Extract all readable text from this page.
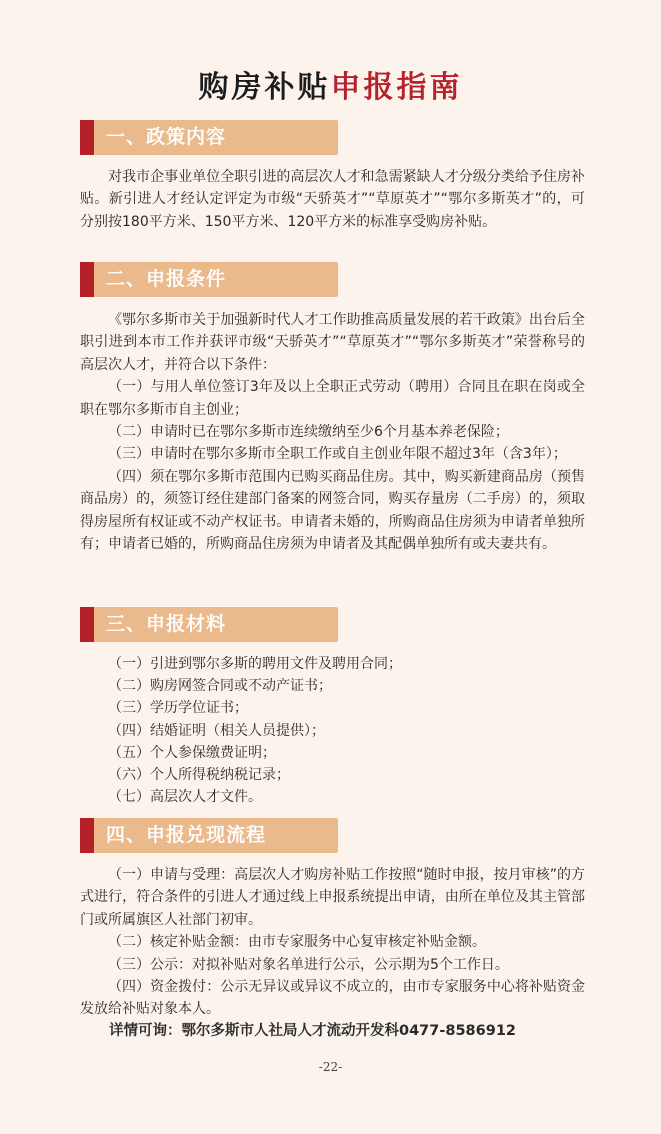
购房补贴申报指南
一、政策内容

对我市企事业单位全职引进的高层次人才和急需紧缺人才分级分类给予住房补贴。新引进人才经认定评定为市级“天骄英才”“草原英才”“鄂尔多斯英才”的，可分别按180平方米、150平方米、120平方米的标准享受购房补贴。

二、申报条件

《鄂尔多斯市关于加强新时代人才工作助推高质量发展的若干政策》出台后全职引进到本市工作并获评市级“天骄英才”“草原英才”“鄂尔多斯英才”荣誉称号的高层次人才，并符合以下条件：

（一）与用人单位签订3年及以上全职正式劳动（聘用）合同且在职在岗或全职在鄂尔多斯市自主创业；

（二）申请时已在鄂尔多斯市连续缴纳至少6个月基本养老保险；

（三）申请时在鄂尔多斯市全职工作或自主创业年限不超过3年（含3年）；

（四）须在鄂尔多斯市范围内已购买商品住房。其中，购买新建商品房（预售商品房）的，须签订经住建部门备案的网签合同，购买存量房（二手房）的，须取得房屋所有权证或不动产权证书。申请者未婚的，所购商品住房须为申请者单独所有；申请者已婚的，所购商品住房须为申请者及其配偶单独所有或夫妻共有。

三、申报材料
（一）引进到鄂尔多斯的聘用文件及聘用合同；
（二）购房网签合同或不动产证书；
（三）学历学位证书；
（四）结婚证明（相关人员提供）；
（五）个人参保缴费证明；
（六）个人所得税纳税记录；
（七）高层次人才文件。
四、申报兑现流程

（一）申请与受理：高层次人才购房补贴工作按照“随时申报，按月审核”的方式进行，符合条件的引进人才通过线上申报系统提出申请，由所在单位及其主管部门或所属旗区人社部门初审。

（二）核定补贴金额：由市专家服务中心复审核定补贴金额。

（三）公示：对拟补贴对象名单进行公示，公示期为5个工作日。

（四）资金拨付：公示无异议或异议不成立的，由市专家服务中心将补贴资金发放给补贴对象本人。

详情可询：鄂尔多斯市人社局人才流动开发科0477-8586912
-22-
